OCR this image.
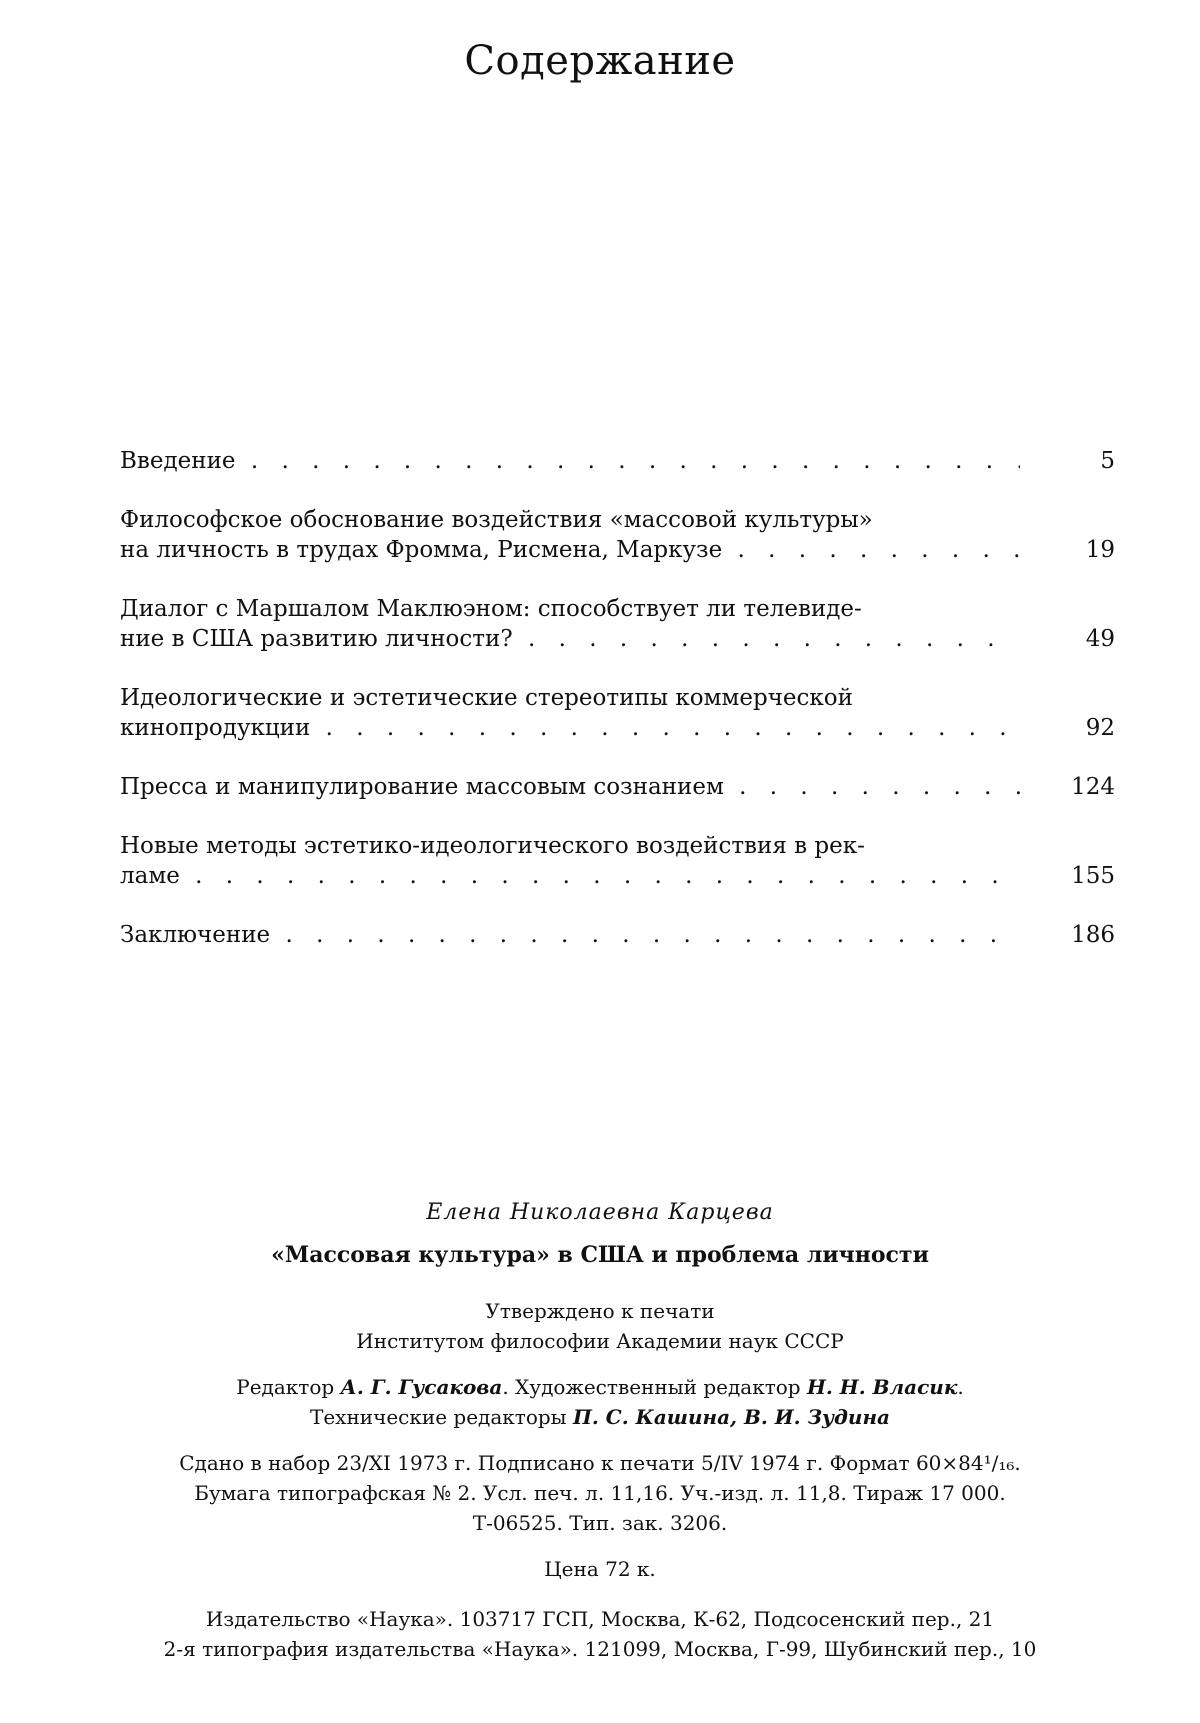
Содержание
Введение . . .	5
Философское обоснование воздействия «массовой культуры»
на личность в трудах Фромма, Рисмена, Маркузе . . .	19
Диалог с Маршалом Маклюэном: способствует ли телевиде-
ние в США развитию личности? . . .	49
Идеологические и эстетические стереотипы коммерческой
кинопродукции . . .	92
Пресса и манипулирование массовым сознанием . . .	124
Новые методы эстетико-идеологического воздействия в рек-
ламе . . .	155
Заключение . . .	186
Елена Николаевна Карцева
«Массовая культура» в США и проблема личности
Утверждено к печати
Институтом философии Академии наук СССР
Редактор А. Г. Гусакова. Художественный редактор Н. Н. Власик.
Технические редакторы П. С. Кашина, В. И. Зудина
Сдано в набор 23/XI 1973 г. Подписано к печати 5/IV 1974 г. Формат 60×84¹/₁₆.
Бумага типографская № 2. Усл. печ. л. 11,16. Уч.-изд. л. 11,8. Тираж 17 000.
Т-06525. Тип. зак. 3206.
Цена 72 к.
Издательство «Наука». 103717 ГСП, Москва, К-62, Подсосенский пер., 21
2-я типография издательства «Наука». 121099, Москва, Г-99, Шубинский пер., 10
